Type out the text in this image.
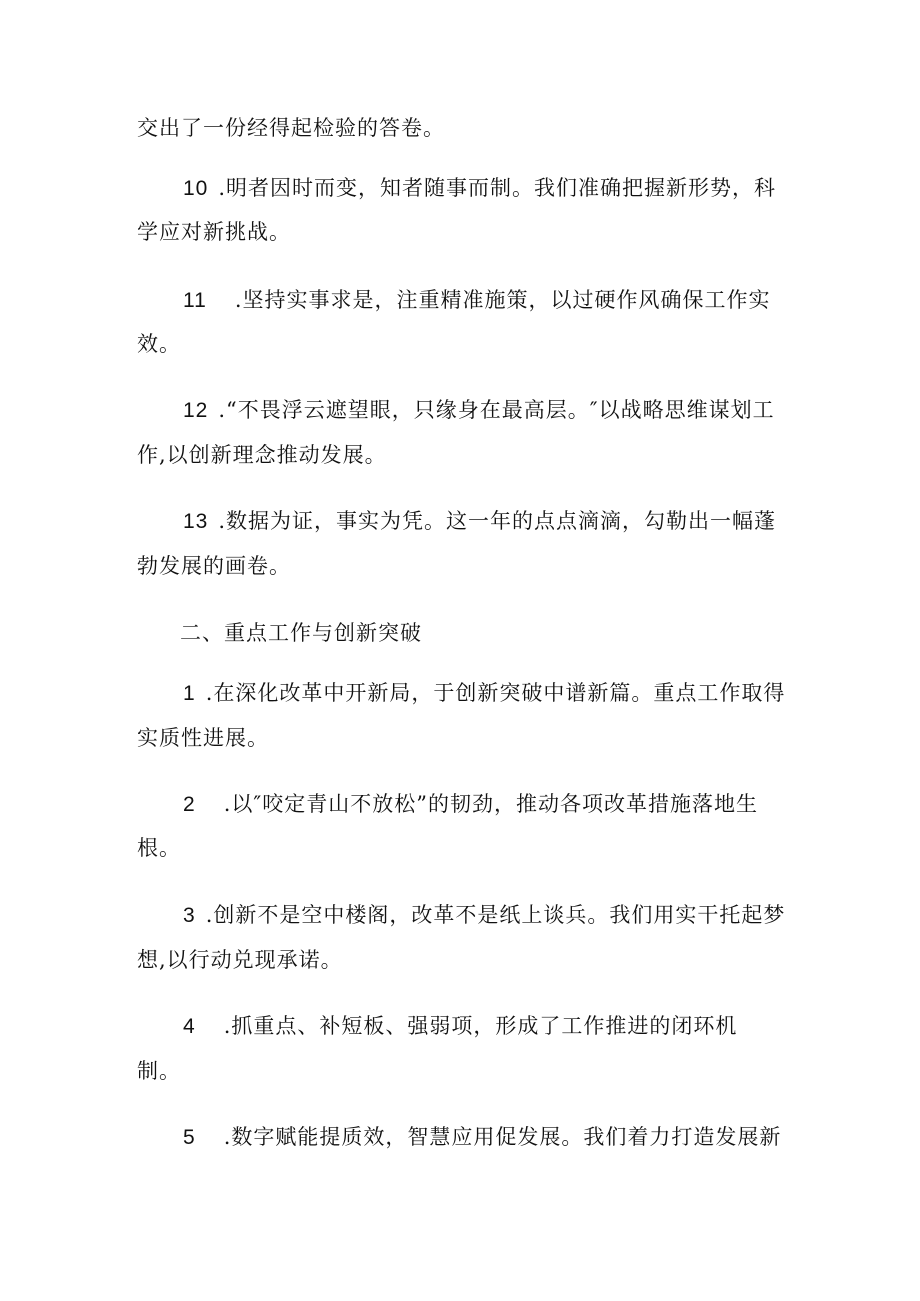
交出了一份经得起检验的答卷。
10 .明者因时而变，知者随事而制。我们准确把握新形势，科
学应对新挑战。
11 .坚持实事求是，注重精准施策，以过硬作风确保工作实
效。
12 .“不畏浮云遮望眼，只缘身在最高层。″以战略思维谋划工
作,以创新理念推动发展。
13 .数据为证，事实为凭。这一年的点点滴滴，勾勒出一幅蓬
勃发展的画卷。
二、重点工作与创新突破
1 .在深化改革中开新局，于创新突破中谱新篇。重点工作取得
实质性进展。
2 .以″咬定青山不放松”的韧劲，推动各项改革措施落地生
根。
3 .创新不是空中楼阁，改革不是纸上谈兵。我们用实干托起梦
想,以行动兑现承诺。
4 .抓重点、补短板、强弱项，形成了工作推进的闭环机
制。
5 .数字赋能提质效，智慧应用促发展。我们着力打造发展新
